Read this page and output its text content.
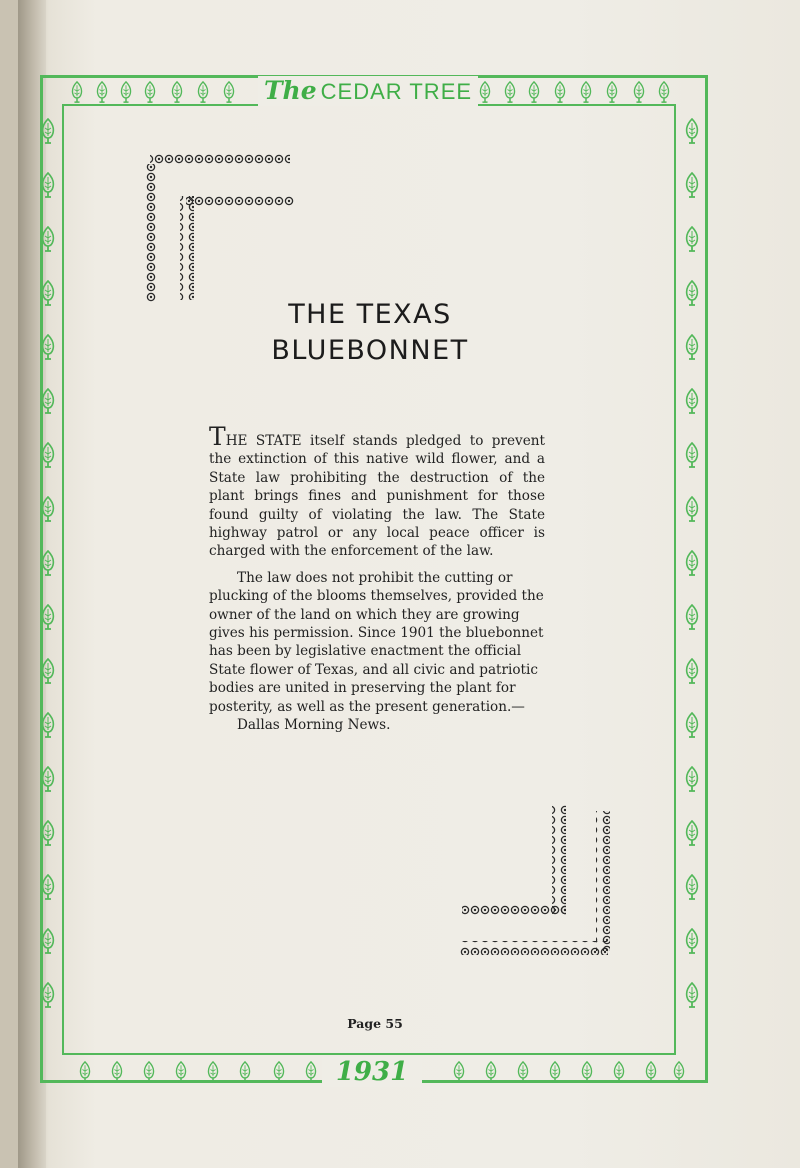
The CEDAR TREE
1931
THE TEXAS
BLUEBONNET

THE STATE itself stands pledged to prevent the extinction of this native wild flower, and a State law prohibiting the destruction of the plant brings fines and punishment for those found guilty of violating the law. The State highway patrol or any local peace officer is charged with the enforcement of the law.

The law does not prohibit the cutting or plucking of the blooms themselves, provided the owner of the land on which they are growing gives his permission. Since 1901 the bluebonnet has been by legislative enactment the official State flower of Texas, and all civic and patriotic bodies are united in preserving the plant for posterity, as well as the present generation.—
Dallas Morning News.

Page 55
